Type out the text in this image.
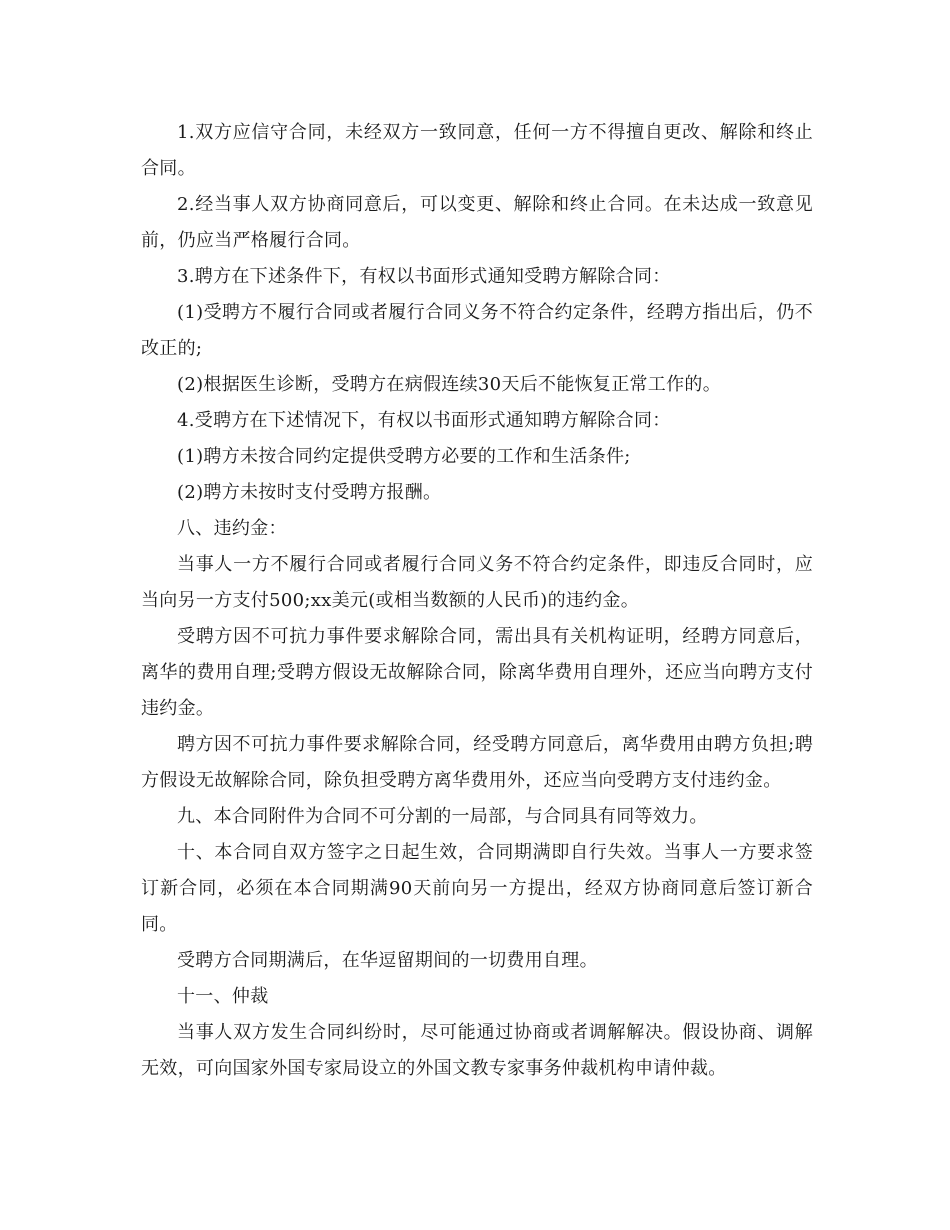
1.双方应信守合同，未经双方一致同意，任何一方不得擅自更改、解除和终止合同。

2.经当事人双方协商同意后，可以变更、解除和终止合同。在未达成一致意见前，仍应当严格履行合同。

3.聘方在下述条件下，有权以书面形式通知受聘方解除合同：

(1)受聘方不履行合同或者履行合同义务不符合约定条件，经聘方指出后，仍不改正的;

(2)根据医生诊断，受聘方在病假连续30天后不能恢复正常工作的。

4.受聘方在下述情况下，有权以书面形式通知聘方解除合同：

(1)聘方未按合同约定提供受聘方必要的工作和生活条件;

(2)聘方未按时支付受聘方报酬。

八、违约金：

当事人一方不履行合同或者履行合同义务不符合约定条件，即违反合同时，应当向另一方支付500;xx美元(或相当数额的人民币)的违约金。

受聘方因不可抗力事件要求解除合同，需出具有关机构证明，经聘方同意后，离华的费用自理;受聘方假设无故解除合同，除离华费用自理外，还应当向聘方支付违约金。

聘方因不可抗力事件要求解除合同，经受聘方同意后，离华费用由聘方负担;聘方假设无故解除合同，除负担受聘方离华费用外，还应当向受聘方支付违约金。

九、本合同附件为合同不可分割的一局部，与合同具有同等效力。

十、本合同自双方签字之日起生效，合同期满即自行失效。当事人一方要求签订新合同，必须在本合同期满90天前向另一方提出，经双方协商同意后签订新合同。

受聘方合同期满后，在华逗留期间的一切费用自理。

十一、仲裁

当事人双方发生合同纠纷时，尽可能通过协商或者调解解决。假设协商、调解无效，可向国家外国专家局设立的外国文教专家事务仲裁机构申请仲裁。
